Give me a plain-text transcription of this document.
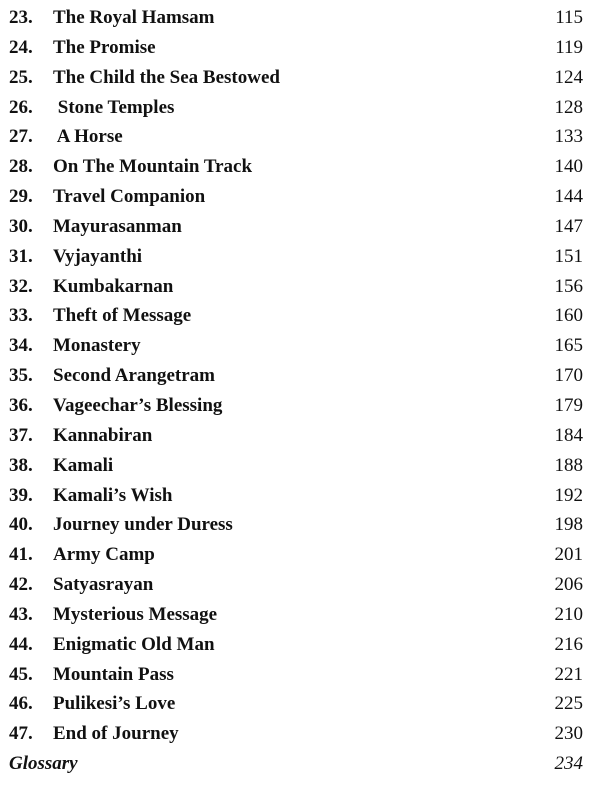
23. The Royal Hamsam	115
24. The Promise	119
25. The Child the Sea Bestowed	124
26. Stone Temples	128
27. A Horse	133
28. On The Mountain Track	140
29. Travel Companion	144
30. Mayurasanman	147
31. Vyjayanthi	151
32. Kumbakarnan	156
33. Theft of Message	160
34. Monastery	165
35. Second Arangetram	170
36. Vageechar’s Blessing	179
37. Kannabiran	184
38. Kamali	188
39. Kamali’s Wish	192
40. Journey under Duress	198
41. Army Camp	201
42. Satyasrayan	206
43. Mysterious Message	210
44. Enigmatic Old Man	216
45. Mountain Pass	221
46. Pulikesi’s Love	225
47. End of Journey	230
Glossary	234
